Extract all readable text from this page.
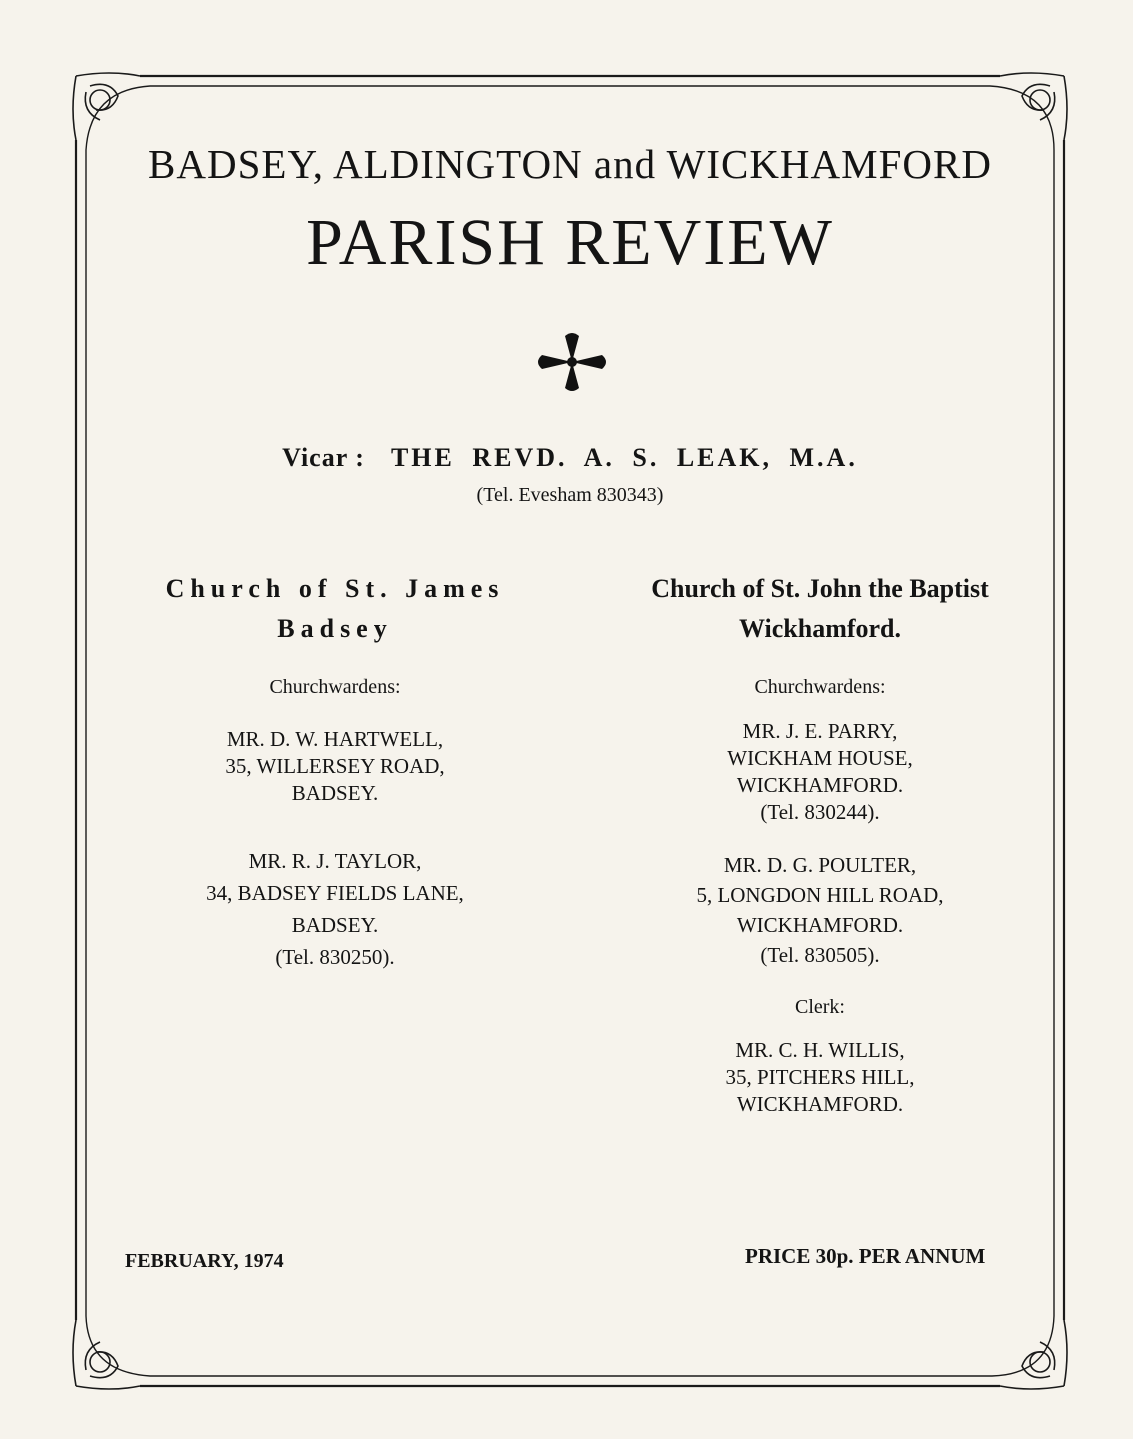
BADSEY, ALDINGTON and WICKHAMFORD
PARISH REVIEW
Vicar : THE REVD. A. S. LEAK, M.A.
(Tel. Evesham 830343)
Church of St. James
Badsey
Churchwardens:
MR. D. W. HARTWELL,
35, WILLERSEY ROAD,
BADSEY.
MR. R. J. TAYLOR,
34, BADSEY FIELDS LANE,
BADSEY.
(Tel. 830250).
Church of St. John the Baptist
Wickhamford.
Churchwardens:
MR. J. E. PARRY,
WICKHAM HOUSE,
WICKHAMFORD.
(Tel. 830244).
MR. D. G. POULTER,
5, LONGDON HILL ROAD,
WICKHAMFORD.
(Tel. 830505).
Clerk:
MR. C. H. WILLIS,
35, PITCHERS HILL,
WICKHAMFORD.
FEBRUARY, 1974	PRICE 30p. PER ANNUM
